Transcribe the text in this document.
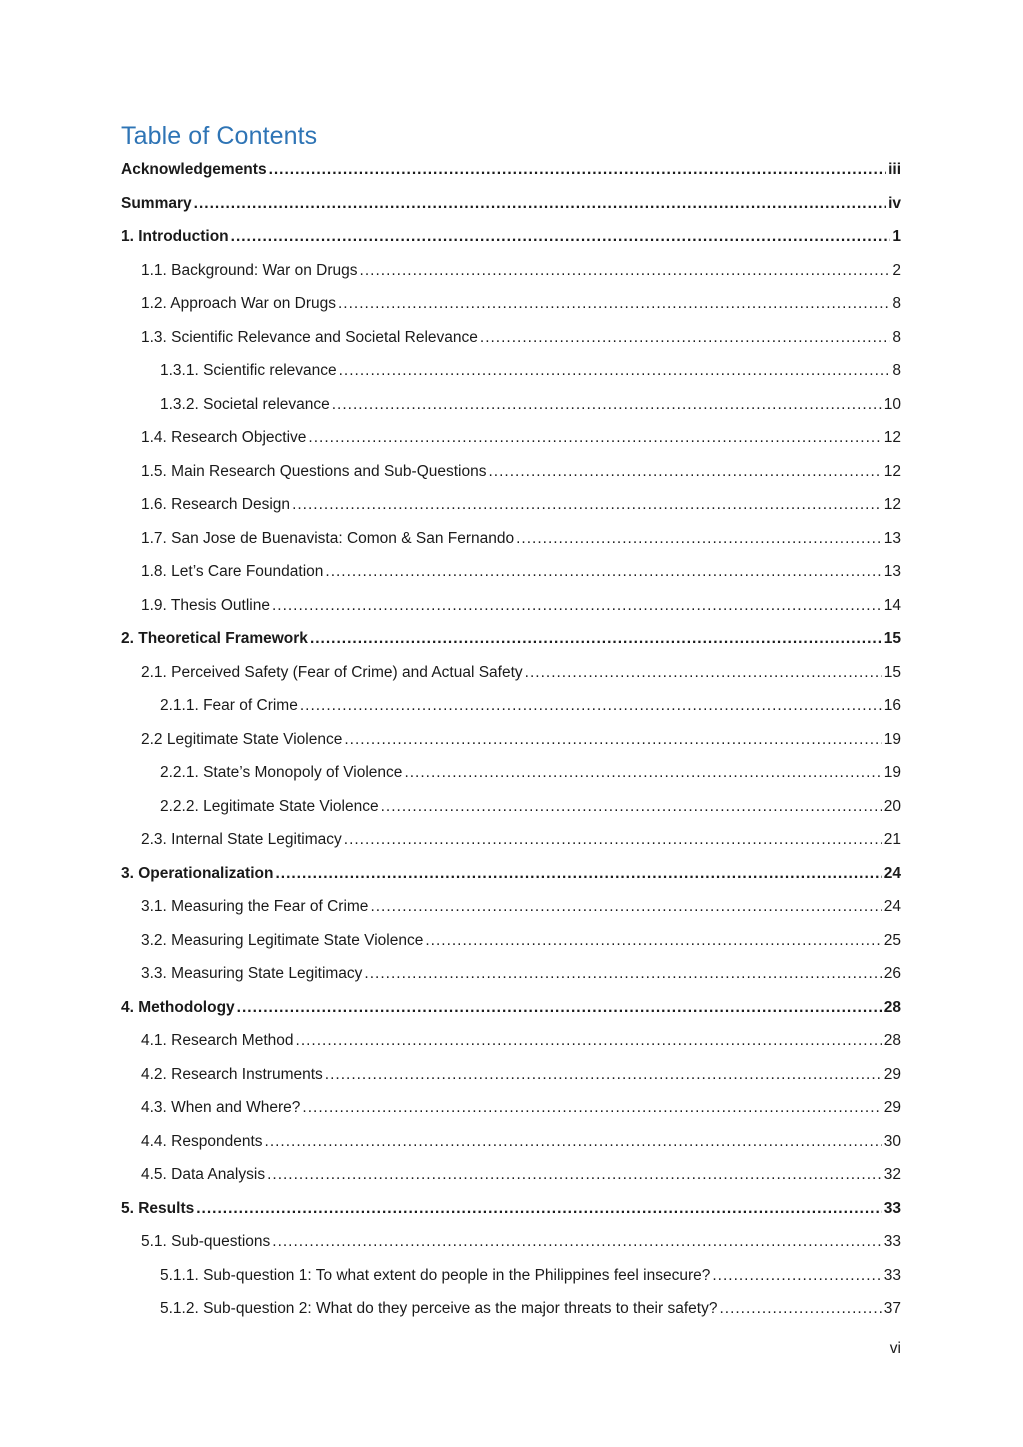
Table of Contents
Acknowledgements .....	iii
Summary .....	iv
1. Introduction .....	1
1.1. Background: War on Drugs .....	2
1.2. Approach War on Drugs .....	8
1.3. Scientific Relevance and Societal Relevance .....	8
1.3.1. Scientific relevance .....	8
1.3.2. Societal relevance .....	10
1.4. Research Objective .....	12
1.5. Main Research Questions and Sub-Questions .....	12
1.6. Research Design .....	12
1.7. San Jose de Buenavista: Comon & San Fernando .....	13
1.8. Let’s Care Foundation .....	13
1.9. Thesis Outline .....	14
2. Theoretical Framework .....	15
2.1. Perceived Safety (Fear of Crime) and Actual Safety .....	15
2.1.1. Fear of Crime .....	16
2.2 Legitimate State Violence .....	19
2.2.1. State’s Monopoly of Violence .....	19
2.2.2. Legitimate State Violence .....	20
2.3. Internal State Legitimacy .....	21
3. Operationalization .....	24
3.1. Measuring the Fear of Crime .....	24
3.2. Measuring Legitimate State Violence .....	25
3.3. Measuring State Legitimacy .....	26
4. Methodology .....	28
4.1. Research Method .....	28
4.2. Research Instruments .....	29
4.3. When and Where? .....	29
4.4. Respondents .....	30
4.5. Data Analysis .....	32
5. Results .....	33
5.1. Sub-questions .....	33
5.1.1. Sub-question 1: To what extent do people in the Philippines feel insecure? .....	33
5.1.2. Sub-question 2: What do they perceive as the major threats to their safety? .....	37
vi
